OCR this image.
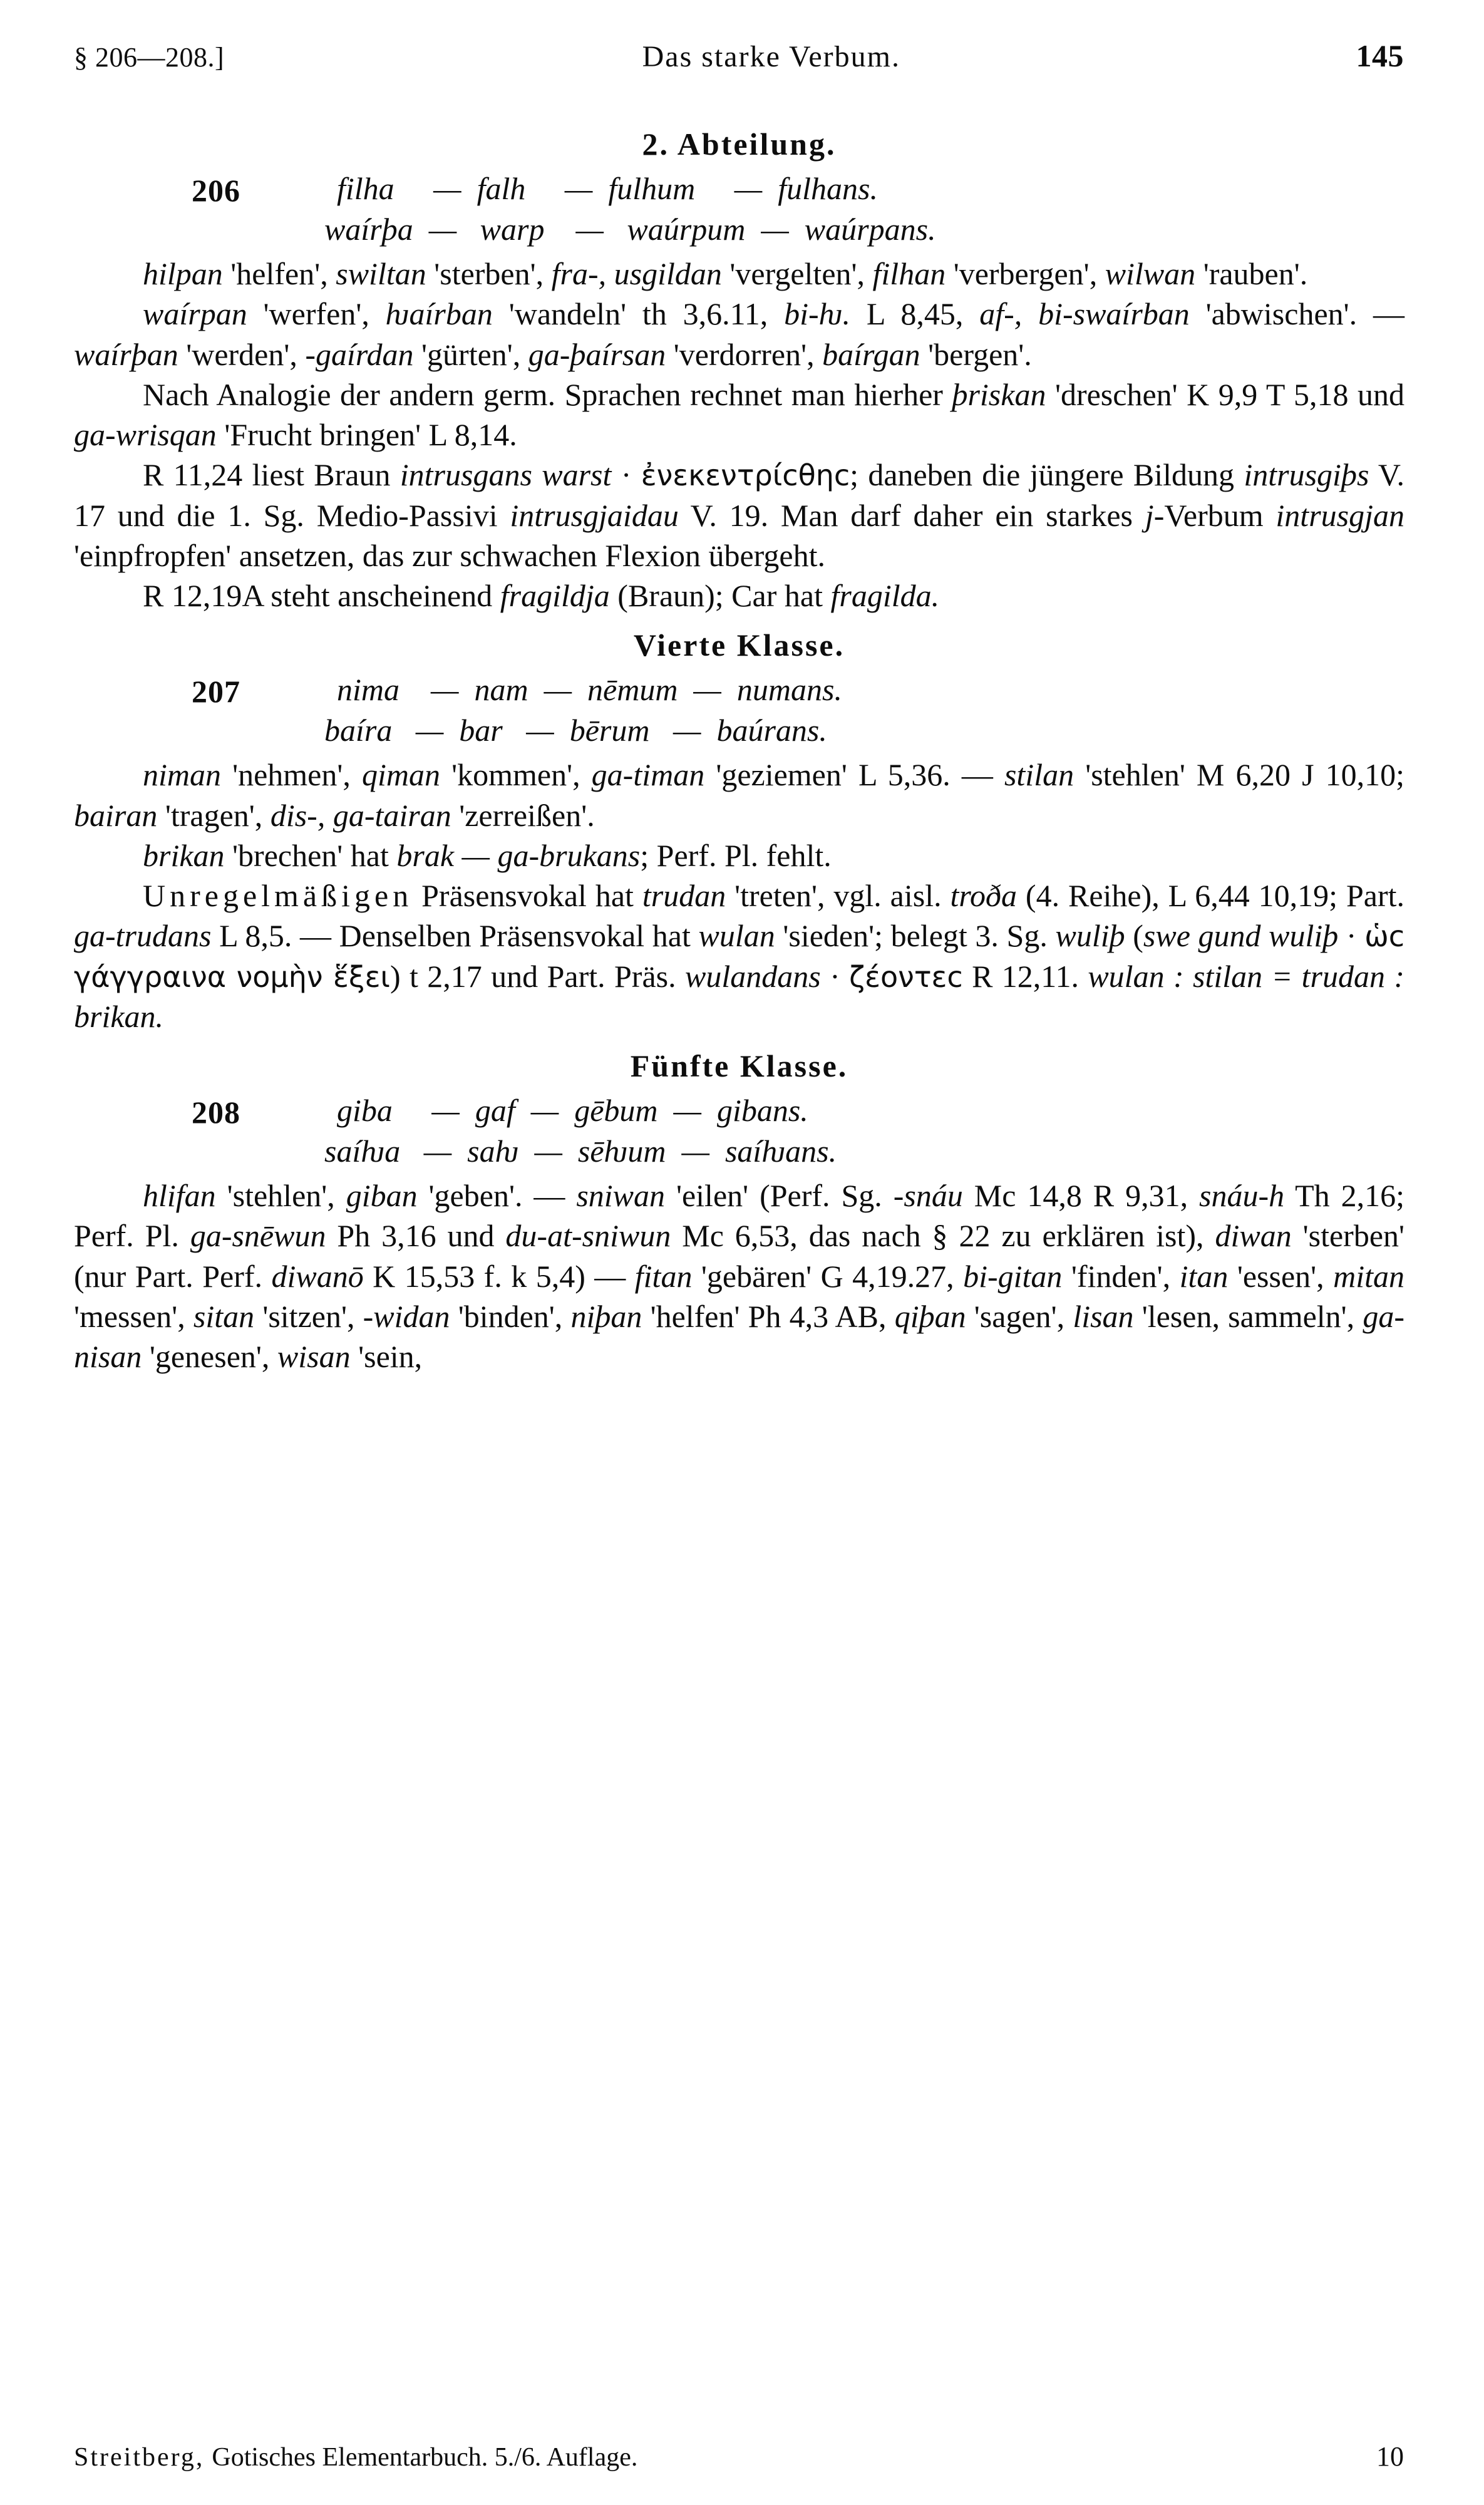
§ 206—208.]	Das starke Verbum.	145
2. Abteilung.
206	filha     —  falh     —  fulhum     —  fulhans.
waírþa  —   warp    —   waúrpum  —  waúrpans.

hilpan 'helfen', swiltan 'sterben', fra-, usgildan 'vergelten', filhan 'verbergen', wilwan 'rauben'.

waírpan 'werfen', ƕaírban 'wandeln' th 3,6.11, bi-ƕ. L 8,45, af-, bi-swaírban 'abwischen'. — waírþan 'werden', -gaírdan 'gürten', ga-þaírsan 'verdorren', baírgan 'bergen'.

Nach Analogie der andern germ. Sprachen rechnet man hierher þriskan 'dreschen' K 9,9 T 5,18 und ga-wrisqan 'Frucht bringen' L 8,14.

R 11,24 liest Braun intrusgans warst · ἐνεκεντρίcθηc; daneben die jüngere Bildung intrusgiþs V. 17 und die 1. Sg. Medio-Passivi intrusgjaidau V. 19. Man darf daher ein starkes j-Verbum intrusgjan 'einpfropfen' ansetzen, das zur schwachen Flexion übergeht.

R 12,19A steht anscheinend fragildja (Braun); Car hat fragilda.

Vierte Klasse.
207	nima    —  nam  —  nēmum  —  numans.
baíra   —  bar   —  bērum   —  baúrans.

niman 'nehmen', qiman 'kommen', ga-timan 'geziemen' L 5,36. — stilan 'stehlen' M 6,20 J 10,10; bairan 'tragen', dis-, ga-tairan 'zerreißen'.

brikan 'brechen' hat brak — ga-brukans; Perf. Pl. fehlt.

Unregelmäßigen Präsensvokal hat trudan 'treten', vgl. aisl. troða (4. Reihe), L 6,44 10,19; Part. ga-trudans L 8,5. — Denselben Präsensvokal hat wulan 'sieden'; belegt 3. Sg. wuliþ (swe gund wuliþ · ὡc γάγγραινα νομὴν ἕξει) t 2,17 und Part. Präs. wulandans · ζέοντεc R 12,11. wulan : stilan = trudan : brikan.

Fünfte Klasse.
208	giba     —  gaf  —  gēbum  —  gibans.
saíƕa   —  saƕ  —  sēƕum  —  saíƕans.

hlifan 'stehlen', giban 'geben'. — sniwan 'eilen' (Perf. Sg. -snáu Mc 14,8 R 9,31, snáu-h Th 2,16; Perf. Pl. ga-snēwun Ph 3,16 und du-at-sniwun Mc 6,53, das nach § 22 zu erklären ist), diwan 'sterben' (nur Part. Perf. diwanō K 15,53 f. k 5,4) — fitan 'gebären' G 4,19.27, bi-gitan 'finden', itan 'essen', mitan 'messen', sitan 'sitzen', -widan 'binden', niþan 'helfen' Ph 4,3 AB, qiþan 'sagen', lisan 'lesen, sammeln', ga-nisan 'genesen', wisan 'sein,

Streitberg, Gotisches Elementarbuch. 5./6. Auflage.	10
